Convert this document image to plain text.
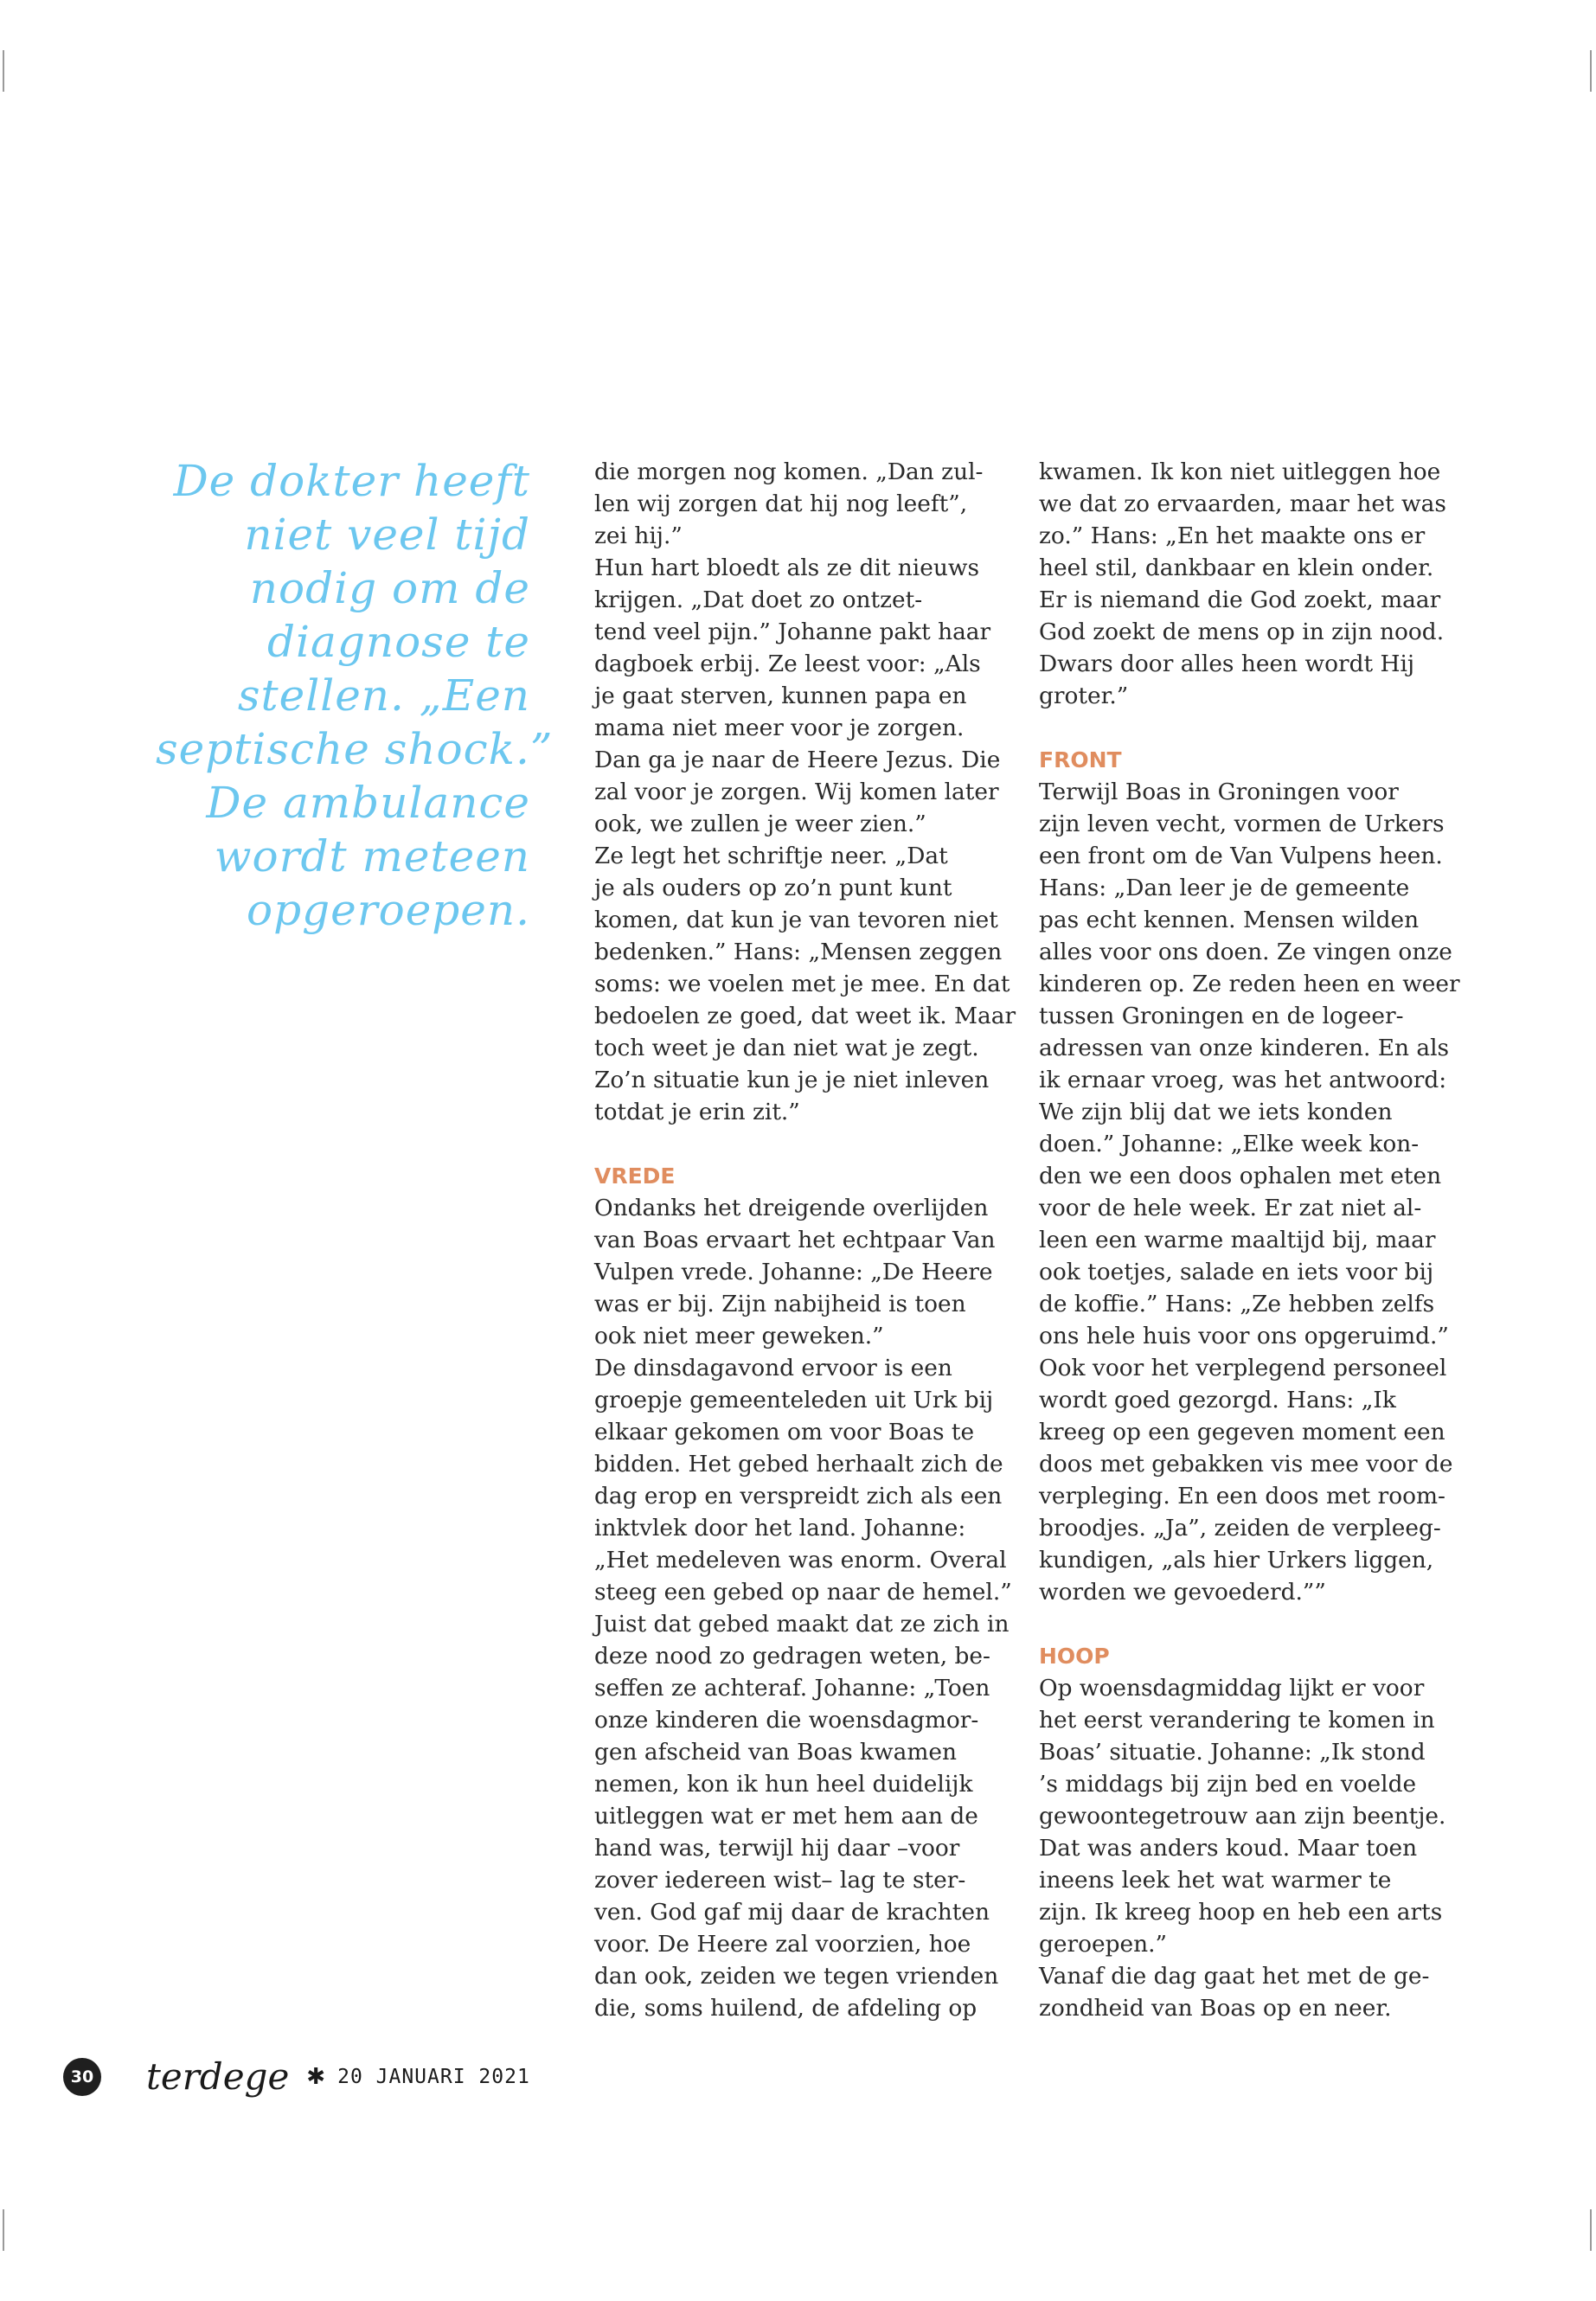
De dokter heeft
niet veel tijd
nodig om de
diagnose te
stellen. „Een
septische shock.”
De ambulance
wordt meteen
opgeroepen.
die morgen nog komen. „Dan zul-
len wij zorgen dat hij nog leeft”,
zei hij.”
Hun hart bloedt als ze dit nieuws
krijgen. „Dat doet zo ontzet-
tend veel pijn.” Johanne pakt haar
dagboek erbij. Ze leest voor: „Als
je gaat sterven, kunnen papa en
mama niet meer voor je zorgen.
Dan ga je naar de Heere Jezus. Die
zal voor je zorgen. Wij komen later
ook, we zullen je weer zien.”
Ze legt het schriftje neer. „Dat
je als ouders op zo’n punt kunt
komen, dat kun je van tevoren niet
bedenken.” Hans: „Mensen zeggen
soms: we voelen met je mee. En dat
bedoelen ze goed, dat weet ik. Maar
toch weet je dan niet wat je zegt.
Zo’n situatie kun je je niet inleven
totdat je erin zit.”
VREDE
Ondanks het dreigende overlijden
van Boas ervaart het echtpaar Van
Vulpen vrede. Johanne: „De Heere
was er bij. Zijn nabijheid is toen
ook niet meer geweken.”
De dinsdagavond ervoor is een
groepje gemeenteleden uit Urk bij
elkaar gekomen om voor Boas te
bidden. Het gebed herhaalt zich de
dag erop en verspreidt zich als een
inktvlek door het land. Johanne:
„Het medeleven was enorm. Overal
steeg een gebed op naar de hemel.”
Juist dat gebed maakt dat ze zich in
deze nood zo gedragen weten, be-
seffen ze achteraf. Johanne: „Toen
onze kinderen die woensdagmor-
gen afscheid van Boas kwamen
nemen, kon ik hun heel duidelijk
uitleggen wat er met hem aan de
hand was, terwijl hij daar –voor
zover iedereen wist– lag te ster-
ven. God gaf mij daar de krachten
voor. De Heere zal voorzien, hoe
dan ook, zeiden we tegen vrienden
die, soms huilend, de afdeling op
kwamen. Ik kon niet uitleggen hoe
we dat zo ervaarden, maar het was
zo.” Hans: „En het maakte ons er
heel stil, dankbaar en klein onder.
Er is niemand die God zoekt, maar
God zoekt de mens op in zijn nood.
Dwars door alles heen wordt Hij
groter.”
FRONT
Terwijl Boas in Groningen voor
zijn leven vecht, vormen de Urkers
een front om de Van Vulpens heen.
Hans: „Dan leer je de gemeente
pas echt kennen. Mensen wilden
alles voor ons doen. Ze vingen onze
kinderen op. Ze reden heen en weer
tussen Groningen en de logeer-
adressen van onze kinderen. En als
ik ernaar vroeg, was het antwoord:
We zijn blij dat we iets konden
doen.” Johanne: „Elke week kon-
den we een doos ophalen met eten
voor de hele week. Er zat niet al-
leen een warme maaltijd bij, maar
ook toetjes, salade en iets voor bij
de koffie.” Hans: „Ze hebben zelfs
ons hele huis voor ons opgeruimd.”
Ook voor het verplegend personeel
wordt goed gezorgd. Hans: „Ik
kreeg op een gegeven moment een
doos met gebakken vis mee voor de
verpleging. En een doos met room-
broodjes. „Ja”, zeiden de verpleeg-
kundigen, „als hier Urkers liggen,
worden we gevoederd.””
HOOP
Op woensdagmiddag lijkt er voor
het eerst verandering te komen in
Boas’ situatie. Johanne: „Ik stond
’s middags bij zijn bed en voelde
gewoontegetrouw aan zijn beentje.
Dat was anders koud. Maar toen
ineens leek het wat warmer te
zijn. Ik kreeg hoop en heb een arts
geroepen.”
Vanaf die dag gaat het met de ge-
zondheid van Boas op en neer.
30 terdege ✱ 20 JANUARI 2021
